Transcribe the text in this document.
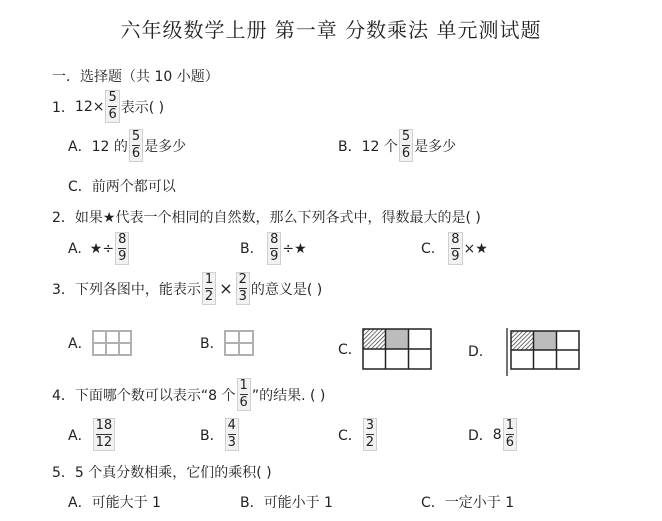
六年级数学上册 第一章 分数乘法 单元测试题
一．选择题（共 10 小题）
1． $12\times \frac{5}{6}$ 表示( )
A． 12 的 $\frac{5}{6}$ 是多少	B． 12 个 $\frac{5}{6}$ 是多少
C． 前两个都可以
2．如果★代表一个相同的自然数，那么下列各式中，得数最大的是( )
A. ★÷ $\frac{8}{9}$	B. $\frac{8}{9}$ ÷★	C. $\frac{8}{9}$ ×★
3．下列各图中，能表示 $\frac{1}{2} \times \frac{2}{3}$ 的意义是( )
A．	B．	C．	D.
4．下面哪个数可以表示“8 个 $\frac{1}{6}$ ”的结果. ( )
A． $\frac{18}{12}$	B． $\frac{4}{3}$	C． $\frac{3}{2}$	D． $8 \frac{1}{6}$
5．5 个真分数相乘，它们的乘积( )
A． 可能大于 1	B． 可能小于 1	C． 一定小于 1
